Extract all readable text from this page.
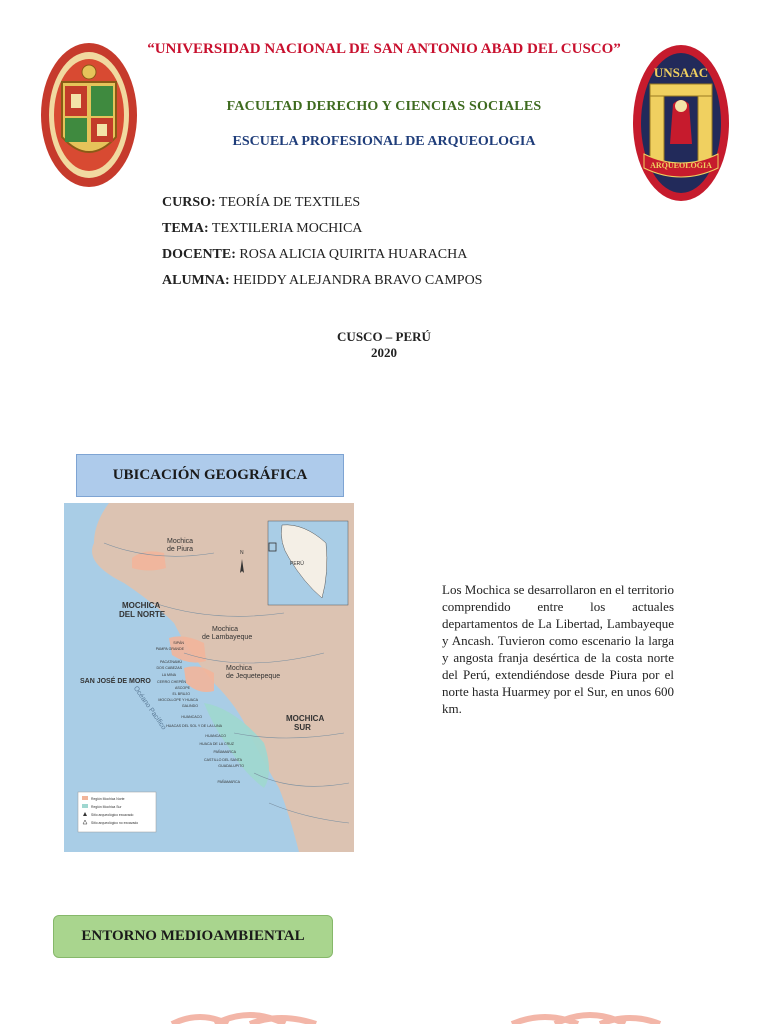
UNSAAC
ARQUEOLOGIA
“UNIVERSIDAD NACIONAL DE SAN ANTONIO ABAD DEL CUSCO”
FACULTAD DERECHO Y CIENCIAS SOCIALES
ESCUELA PROFESIONAL DE ARQUEOLOGIA
CURSO: TEORÍA DE TEXTILES
TEMA: TEXTILERIA MOCHICA
DOCENTE: ROSA ALICIA QUIRITA HUARACHA
ALUMNA: HEIDDY ALEJANDRA BRAVO CAMPOS
CUSCO – PERÚ
2020
UBICACIÓN GEOGRÁFICA
PERÚ
N
Mochica
de Piura
MOCHICA
DEL NORTE
Mochica
de Lambayeque
Mochica
de Jequetepeque
SAN JOSÉ DE MORO
MOCHICA
SUR
Océano Pacífico
SIPÁN
PAMPA GRANDE
PACATNAMÚ
DOS CABEZAS
LA MINA
CERRO CHEPÉN
ASCOPE
EL BRUJO
MOCOLLOPE Y HUACA
GALINDO
HUANCACO
HUACAS DEL SOL Y DE LA LUNA
HUANCACO
HUACA DE LA CRUZ
PAÑAMARCA
CASTILLO DEL SANTA
GUADALUPITO
PAÑAMARCA
Región Mochica Norte
Región Mochica Sur
Sitio arqueológico excavado
Sitio arqueológico no excavado
Los Mochica se desarrollaron en el territorio comprendido entre los actuales departamentos de La Libertad, Lambayeque y Ancash. Tuvieron como escenario la larga y angosta franja desértica de la costa norte del Perú, extendiéndose desde Piura por el norte hasta Huarmey por el Sur, en unos 600 km.
ENTORNO MEDIOAMBIENTAL
